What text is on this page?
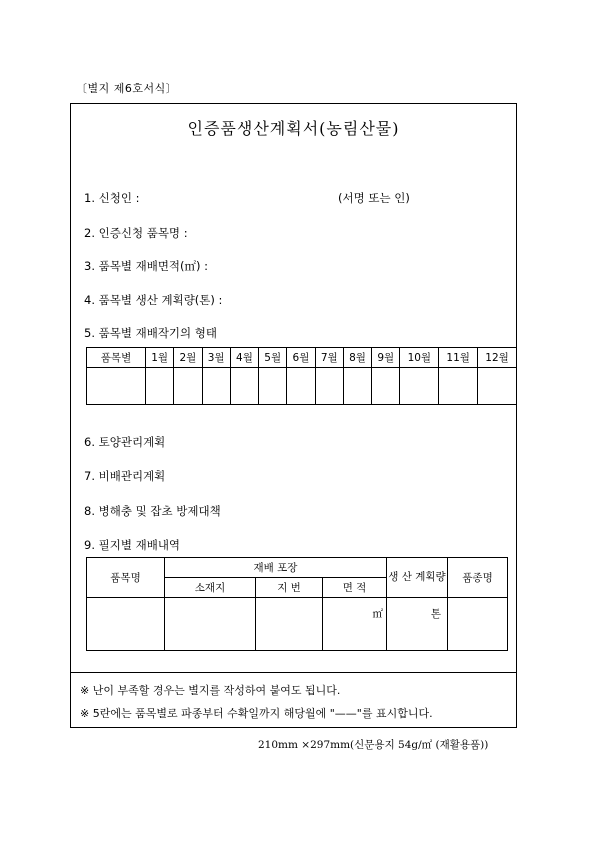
〔별지 제6호서식〕
인증품생산계획서(농림산물)
1. 신청인 :	(서명 또는 인)
2. 인증신청 품목명 :
3. 품목별 재배면적(㎡) :
4. 품목별 생산 계획량(톤) :
5. 품목별 재배작기의 형태
품목별	1월	2월	3월	4월	5월	6월	7월	8월	9월	10월	11월	12월

6. 토양관리계획
7. 비배관리계획
8. 병해충 및 잡초 방제대책
9. 필지별 재배내역
품목명	재배 포장			생 산 계획량	품종명
	소재지	지 번	면 적		
			㎡	톤	
※ 난이 부족할 경우는 별지를 작성하여 붙여도 됩니다.
※ 5란에는 품목별로 파종부터 수확일까지 해당월에 "——"를 표시합니다.
210mm ×297mm(신문용지 54g/㎡ (재활용품))
